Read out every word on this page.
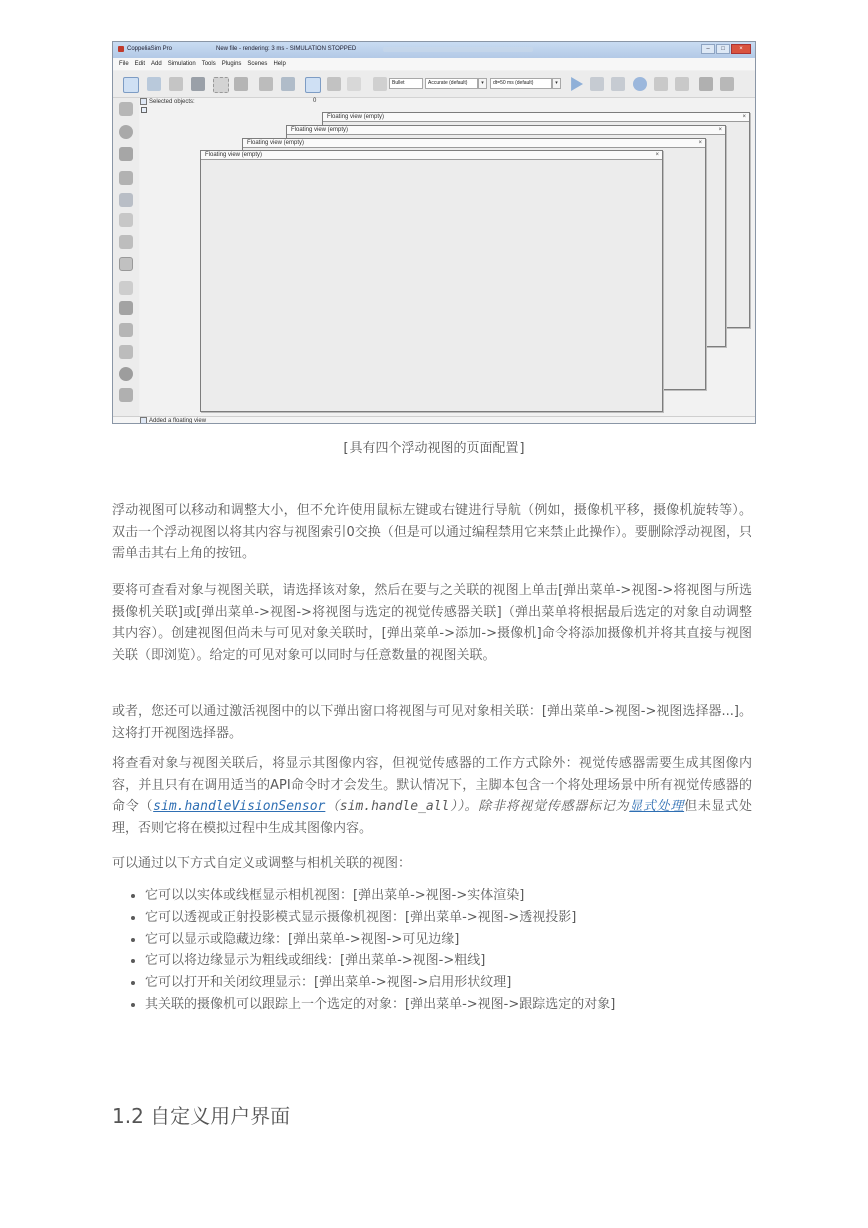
CoppeliaSim Pro	New file - rendering: 3 ms - SIMULATION STOPPED	–	□	×
File Edit Add Simulation Tools Plugins Scenes Help
Bullet	Accurate (default)	▾	dt=50 ms (default)	▾
Selected objects:	0
Floating view (empty)	×
Floating view (empty)	×
Floating view (empty)	×
Floating view (empty)	×
Added a floating view
[具有四个浮动视图的页面配置]

浮动视图可以移动和调整大小，但不允许使用鼠标左键或右键进行导航（例如，摄像机平移，摄像机旋转等）。双击一个浮动视图以将其内容与视图索引0交换（但是可以通过编程禁用它来禁止此操作）。要删除浮动视图，只需单击其右上角的按钮。

要将可查看对象与视图关联，请选择该对象，然后在要与之关联的视图上单击[弹出菜单->视图->将视图与所选摄像机关联]或[弹出菜单->视图->将视图与选定的视觉传感器关联]（弹出菜单将根据最后选定的对象自动调整其内容）。创建视图但尚未与可见对象关联时，[弹出菜单->添加->摄像机]命令将添加摄像机并将其直接与视图关联（即浏览）。给定的可见对象可以同时与任意数量的视图关联。

或者，您还可以通过激活视图中的以下弹出窗口将视图与可见对象相关联：[弹出菜单->视图->视图选择器...]。这将打开视图选择器。

将查看对象与视图关联后，将显示其图像内容，但视觉传感器的工作方式除外：视觉传感器需要生成其图像内容，并且只有在调用适当的API命令时才会发生。默认情况下，主脚本包含一个将处理场景中所有视觉传感器的命令（sim.handleVisionSensor（sim.handle_all））。除非将视觉传感器标记为显式处理但未显式处理，否则它将在模拟过程中生成其图像内容。

可以通过以下方式自定义或调整与相机关联的视图：

• 它可以以实体或线框显示相机视图：[弹出菜单->视图->实体渲染]
• 它可以透视或正射投影模式显示摄像机视图：[弹出菜单->视图->透视投影]
• 它可以显示或隐藏边缘：[弹出菜单->视图->可见边缘]
• 它可以将边缘显示为粗线或细线：[弹出菜单->视图->粗线]
• 它可以打开和关闭纹理显示：[弹出菜单->视图->启用形状纹理]
• 其关联的摄像机可以跟踪上一个选定的对象：[弹出菜单->视图->跟踪选定的对象]
1.2 自定义用户界面
